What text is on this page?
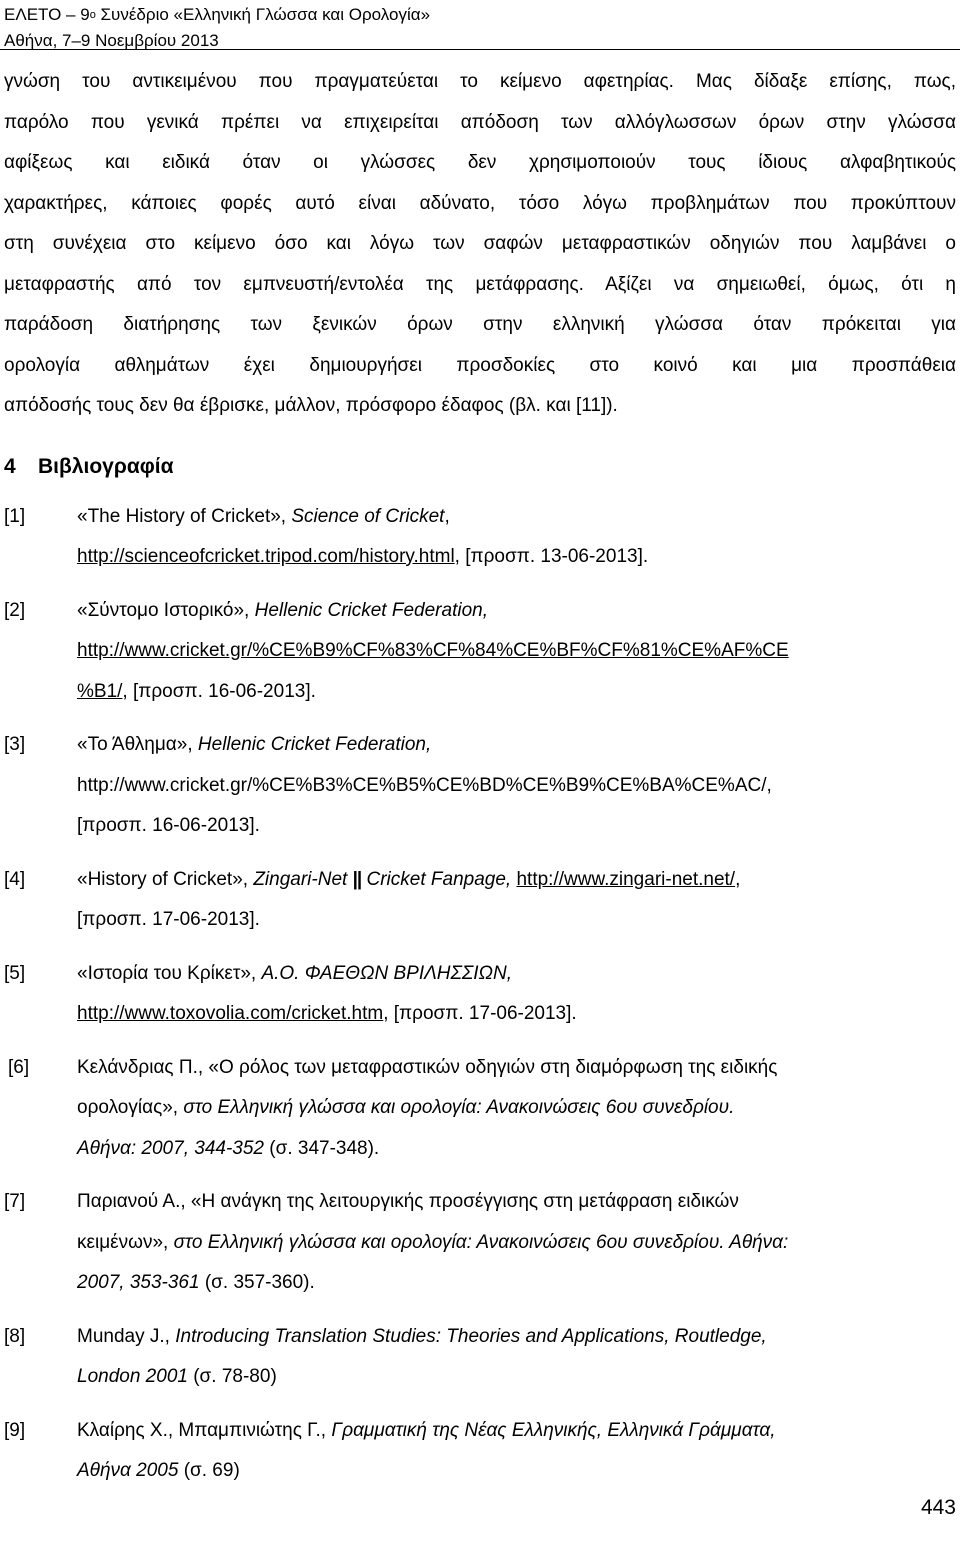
ΕΛΕΤΟ – $9^o$ Συνέδριο «Ελληνική Γλώσσα και Ορολογία»
Αθήνα, 7–9 Νοεμβρίου 2013

γνώση του αντικειμένου που πραγματεύεται το κείμενο αφετηρίας. Μας δίδαξε επίσης, πως,

παρόλο που γενικά πρέπει να επιχειρείται απόδοση των αλλόγλωσσων όρων στην γλώσσα

αφίξεως και ειδικά όταν οι γλώσσες δεν χρησιμοποιούν τους ίδιους αλφαβητικούς

χαρακτήρες, κάποιες φορές αυτό είναι αδύνατο, τόσο λόγω προβλημάτων που προκύπτουν

στη συνέχεια στο κείμενο όσο και λόγω των σαφών μεταφραστικών οδηγιών που λαμβάνει ο

μεταφραστής από τον εμπνευστή/εντολέα της μετάφρασης. Αξίζει να σημειωθεί, όμως, ότι η

παράδοση διατήρησης των ξενικών όρων στην ελληνική γλώσσα όταν πρόκειται για

ορολογία αθλημάτων έχει δημιουργήσει προσδοκίες στο κοινό και μια προσπάθεια

απόδοσής τους δεν θα έβρισκε, μάλλον, πρόσφορο έδαφος (βλ. και [11]).

4 Βιβλιογραφία
[1]	«The History of Cricket», Science of Cricket,
http://scienceofcricket.tripod.com/history.html, [προσπ. 13-06-2013].
[2]	«Σύντομο Ιστορικό», Hellenic Cricket Federation,
http://www.cricket.gr/%CE%B9%CF%83%CF%84%CE%BF%CF%81%CE%AF%CE
%B1/, [προσπ. 16-06-2013].
[3]	«Το Άθλημα», Hellenic Cricket Federation,
http://www.cricket.gr/%CE%B3%CE%B5%CE%BD%CE%B9%CE%BA%CE%AC/,
[προσπ. 16-06-2013].
[4]	«History of Cricket», Zingari-Net || Cricket Fanpage, http://www.zingari-net.net/,
[προσπ. 17-06-2013].
[5]	«Ιστορία του Κρίκετ», Α.Ο. ΦΑΕΘΩΝ ΒΡΙΛΗΣΣΙΩΝ,
http://www.toxovolia.com/cricket.htm, [προσπ. 17-06-2013].
[6]	Κελάνδριας Π., «Ο ρόλος των μεταφραστικών οδηγιών στη διαμόρφωση της ειδικής
ορολογίας», στο Ελληνική γλώσσα και ορολογία: Ανακοινώσεις 6ου συνεδρίου.
Αθήνα: 2007, 344-352 (σ. 347-348).
[7]	Παριανού Α., «Η ανάγκη της λειτουργικής προσέγγισης στη μετάφραση ειδικών
κειμένων», στο Ελληνική γλώσσα και ορολογία: Ανακοινώσεις 6ου συνεδρίου. Αθήνα:
2007, 353-361 (σ. 357-360).
[8]	Munday J., Introducing Translation Studies: Theories and Applications, Routledge,
London 2001 (σ. 78-80)
[9]	Κλαίρης Χ., Μπαμπινιώτης Γ., Γραμματική της Νέας Ελληνικής, Ελληνικά Γράμματα,
Αθήνα 2005 (σ. 69)
443
